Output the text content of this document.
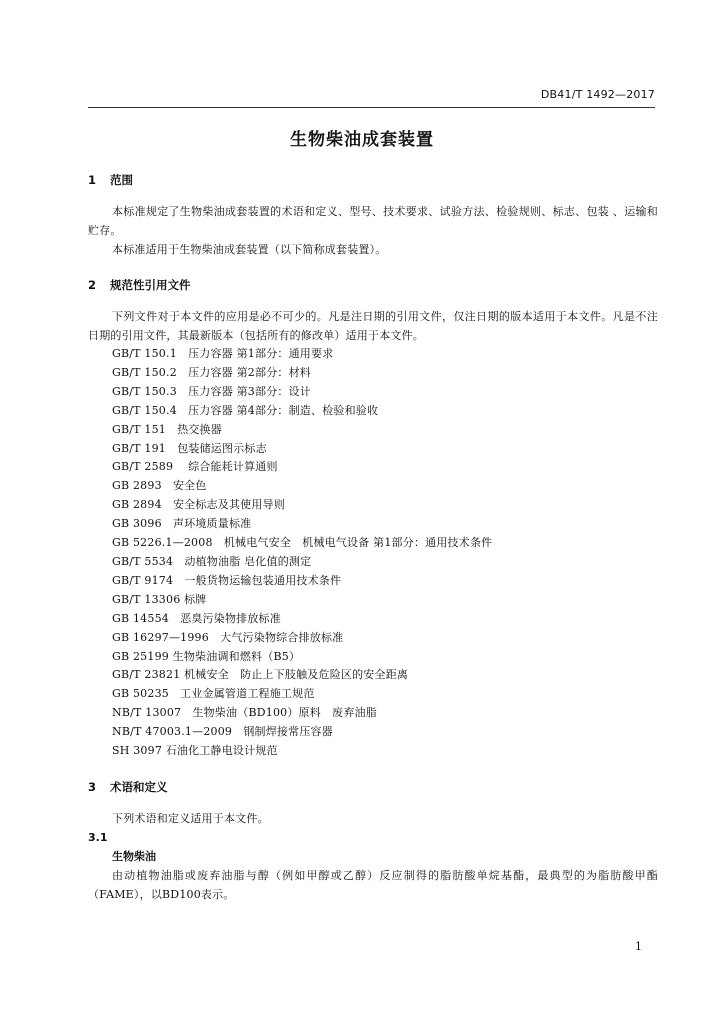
DB41/T 1492—2017
生物柴油成套装置
1 范围
本标准规定了生物柴油成套装置的术语和定义、型号、技术要求、试验方法、检验规则、标志、包装 、运输和贮存。
本标准适用于生物柴油成套装置（以下简称成套装置）。
2 规范性引用文件
下列文件对于本文件的应用是必不可少的。凡是注日期的引用文件，仅注日期的版本适用于本文件。凡是不注日期的引用文件，其最新版本（包括所有的修改单）适用于本文件。
GB/T 150.1　压力容器 第1部分：通用要求
GB/T 150.2　压力容器 第2部分：材料
GB/T 150.3　压力容器 第3部分：设计
GB/T 150.4　压力容器 第4部分：制造、检验和验收
GB/T 151　热交换器
GB/T 191　包装储运图示标志
GB/T 2589　 综合能耗计算通则
GB 2893　安全色
GB 2894　安全标志及其使用导则
GB 3096　声环境质量标准
GB 5226.1—2008　机械电气安全　机械电气设备 第1部分：通用技术条件
GB/T 5534　动植物油脂 皂化值的测定
GB/T 9174　一般货物运输包装通用技术条件
GB/T 13306 标牌
GB 14554　恶臭污染物排放标准
GB 16297—1996　大气污染物综合排放标准
GB 25199 生物柴油调和燃料（B5）
GB/T 23821 机械安全　防止上下肢触及危险区的安全距离
GB 50235　工业金属管道工程施工规范
NB/T 13007　生物柴油（BD100）原料　废弃油脂
NB/T 47003.1—2009　钢制焊接常压容器
SH 3097 石油化工静电设计规范
3 术语和定义
下列术语和定义适用于本文件。
3.1
生物柴油
由动植物油脂或废弃油脂与醇（例如甲醇或乙醇）反应制得的脂肪酸单烷基酯，最典型的为脂肪酸甲酯（FAME），以BD100表示。
1
